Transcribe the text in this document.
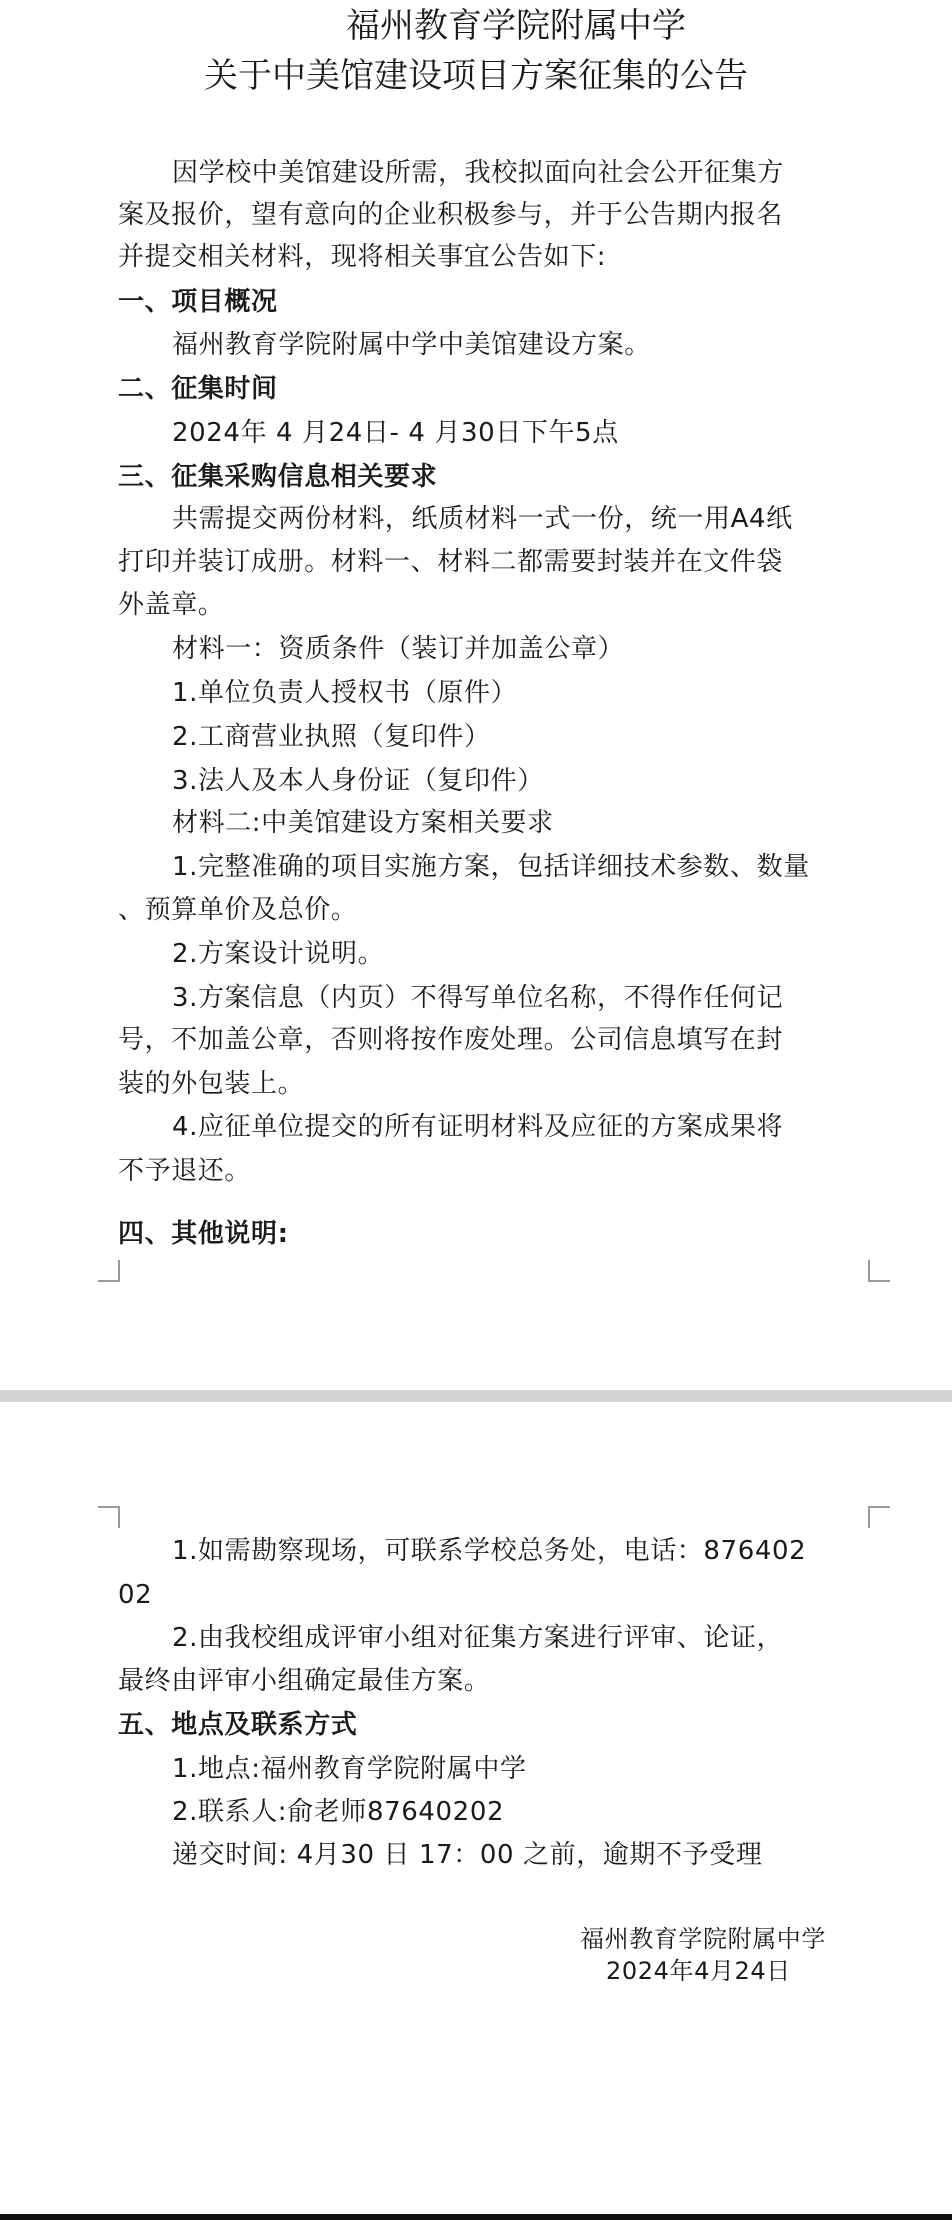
福州教育学院附属中学
关于中美馆建设项目方案征集的公告
因学校中美馆建设所需，我校拟面向社会公开征集方
案及报价，望有意向的企业积极参与，并于公告期内报名
并提交相关材料，现将相关事宜公告如下:
一、项目概况
福州教育学院附属中学中美馆建设方案。
二、征集时间
2024年 4 月24日- 4 月30日下午5点
三、征集采购信息相关要求
共需提交两份材料，纸质材料一式一份，统一用A4纸
打印并装订成册。材料一、材料二都需要封装并在文件袋
外盖章。
材料一：资质条件（装订并加盖公章）
1.单位负责人授权书（原件）
2.工商营业执照（复印件）
3.法人及本人身份证（复印件）
材料二:中美馆建设方案相关要求
1.完整准确的项目实施方案，包括详细技术参数、数量
、预算单价及总价。
2.方案设计说明。
3.方案信息（内页）不得写单位名称，不得作任何记
号，不加盖公章，否则将按作废处理。公司信息填写在封
装的外包装上。
4.应征单位提交的所有证明材料及应征的方案成果将
不予退还。
四、其他说明:
1.如需勘察现场，可联系学校总务处，电话：876402
02
2.由我校组成评审小组对征集方案进行评审、论证，
最终由评审小组确定最佳方案。
五、地点及联系方式
1.地点:福州教育学院附属中学
2.联系人:俞老师87640202
递交时间: 4月30 日 17：00 之前，逾期不予受理
福州教育学院附属中学
2024年4月24日
